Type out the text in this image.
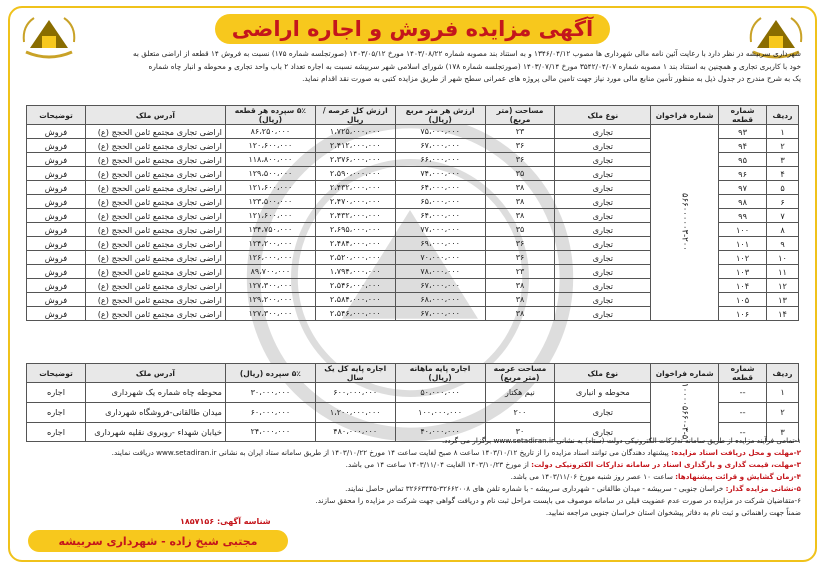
آگهی مزایده فروش و اجاره اراضی

شهرداری سربیشه در نظر دارد با رعایت آئین نامه مالی شهرداری ها مصوب ۱۳۴۶/۰۴/۱۲ و به استناد بند مصوبه شماره ۱۴۰۳/۰۸/۲۲ مورخ ۱۴۰۳/۰۵/۱۲ (صورتجلسه شماره ۱۷۵) نسبت به فروش ۱۴ قطعه از اراضی متعلق به

خود با کاربری تجاری و همچنین به استناد بند ۱ مصوبه شماره ۳۵۴۲/۰۴/۰۷ مورخ ۱۴۰۳/۰۷/۱۴ (صورتجلسه شماره ۱۷۸) شورای اسلامی شهر سربیشه نسبت به اجاره تعداد ۲ باب واحد تجاری و محوطه و انبار چاه شماره

یک به شرح مندرج در جدول ذیل به منظور تأمین منابع مالی مورد نیاز جهت تامین مالی پروژه های عمرانی سطح شهر از طریق مزایده کتبی به صورت نقد اقدام نماید.

ردیف	شماره قطعه	شماره فراخوان	نوع ملک	مساحت (متر مربع)	ارزش هر متر مربع (ریال)	ارزش کل عرصه /ریال	۵٪ سپرده هر قطعه (ریال)	آدرس ملک	توضیحات
۱	۹۳	۵۶۶۰۰۰۰۰۳-۲۰۰	تجاری	۲۳	۷۵،۰۰۰،۰۰۰	۱،۷۲۵،۰۰۰،۰۰۰	۸۶،۲۵۰،۰۰۰	اراضی تجاری مجتمع ثامن الحجج (ع)	فروش
۲	۹۴		تجاری	۳۶	۶۷،۰۰۰،۰۰۰	۲،۴۱۲،۰۰۰،۰۰۰	۱۲۰،۶۰۰،۰۰۰	اراضی تجاری مجتمع ثامن الحجج (ع)	فروش
۳	۹۵		تجاری	۳۶	۶۶،۰۰۰،۰۰۰	۲،۳۷۶،۰۰۰،۰۰۰	۱۱۸،۸۰۰،۰۰۰	اراضی تجاری مجتمع ثامن الحجج (ع)	فروش
۴	۹۶		تجاری	۳۵	۷۴،۰۰۰،۰۰۰	۲،۵۹۰،۰۰۰،۰۰۰	۱۲۹،۵۰۰،۰۰۰	اراضی تجاری مجتمع ثامن الحجج (ع)	فروش
۵	۹۷		تجاری	۳۸	۶۴،۰۰۰،۰۰۰	۲،۴۳۲،۰۰۰،۰۰۰	۱۲۱،۶۰۰،۰۰۰	اراضی تجاری مجتمع ثامن الحجج (ع)	فروش
۶	۹۸		تجاری	۳۸	۶۵،۰۰۰،۰۰۰	۲،۴۷۰،۰۰۰،۰۰۰	۱۲۳،۵۰۰،۰۰۰	اراضی تجاری مجتمع ثامن الحجج (ع)	فروش
۷	۹۹		تجاری	۳۸	۶۴،۰۰۰،۰۰۰	۲،۴۳۲،۰۰۰،۰۰۰	۱۲۱،۶۰۰،۰۰۰	اراضی تجاری مجتمع ثامن الحجج (ع)	فروش
۸	۱۰۰		تجاری	۳۵	۷۷،۰۰۰،۰۰۰	۲،۶۹۵،۰۰۰،۰۰۰	۱۳۴،۷۵۰،۰۰۰	اراضی تجاری مجتمع ثامن الحجج (ع)	فروش
۹	۱۰۱		تجاری	۳۶	۶۹،۰۰۰،۰۰۰	۲،۴۸۴،۰۰۰،۰۰۰	۱۲۴،۲۰۰،۰۰۰	اراضی تجاری مجتمع ثامن الحجج (ع)	فروش
۱۰	۱۰۲		تجاری	۳۶	۷۰،۰۰۰،۰۰۰	۲،۵۲۰،۰۰۰،۰۰۰	۱۲۶،۰۰۰،۰۰۰	اراضی تجاری مجتمع ثامن الحجج (ع)	فروش
۱۱	۱۰۳		تجاری	۲۳	۷۸،۰۰۰،۰۰۰	۱،۷۹۴،۰۰۰،۰۰۰	۸۹،۷۰۰،۰۰۰	اراضی تجاری مجتمع ثامن الحجج (ع)	فروش
۱۲	۱۰۴		تجاری	۳۸	۶۷،۰۰۰،۰۰۰	۲،۵۴۶،۰۰۰،۰۰۰	۱۲۷،۳۰۰،۰۰۰	اراضی تجاری مجتمع ثامن الحجج (ع)	فروش
۱۳	۱۰۵		تجاری	۳۸	۶۸،۰۰۰،۰۰۰	۲،۵۸۴،۰۰۰،۰۰۰	۱۲۹،۲۰۰،۰۰۰	اراضی تجاری مجتمع ثامن الحجج (ع)	فروش
۱۴	۱۰۶		تجاری	۳۸	۶۷،۰۰۰،۰۰۰	۲،۵۴۶،۰۰۰،۰۰۰	۱۲۷،۳۰۰،۰۰۰	اراضی تجاری مجتمع ثامن الحجج (ع)	فروش
ردیف	شماره قطعه	شماره فراخوان	نوع ملک	مساحت عرصه (متر مربع)	اجاره پایه ماهانه (ریال)	اجاره پایه کل یک سال	۵٪ سپرده (ریال)	آدرس ملک	توضیحات
۱	--	۱۰۰۰۰۵۶۶۰-۳-۵	محوطه و انباری	نیم هکتار	۵۰،۰۰۰،۰۰۰	۶۰۰،۰۰۰،۰۰۰	۳۰،۰۰۰،۰۰۰	محوطه چاه شماره یک شهرداری	اجاره
۲	--		تجاری	۲۰۰	۱۰۰،۰۰۰،۰۰۰	۱،۲۰۰،۰۰۰،۰۰۰	۶۰،۰۰۰،۰۰۰	میدان طالقانی-فروشگاه شهرداری	اجاره
۳	--		تجاری	۳۰	۴۰،۰۰۰،۰۰۰	۴۸۰،۰۰۰،۰۰۰	۲۴،۰۰۰،۰۰۰	خیابان شهداء -روبروی نقلیه شهرداری	اجاره

۱-تمامی فرآیند مزایده از طریق سامانه تدارکات الکترونیکی دولت (ستاد) به نشانی www.setadiran.ir برگزار می گردد.

۲-مهلت و محل دریافت اسناد مزایده: پیشنهاد دهندگان می توانند اسناد مزایده را از تاریخ ۱۴۰۳/۱۰/۱۲ ساعت ۸ صبح لغایت ساعت ۱۴ مورخ ۱۴۰۳/۱۰/۲۲ از طریق سامانه ستاد ایران به نشانی www.setadiran.ir دریافت نمایند.

۳-مهلت، قیمت گذاری و بارگذاری اسناد در سامانه تدارکات الکترونیکی دولت: از مورخ ۱۴۰۳/۱۰/۲۳ الغایت ۱۴۰۳/۱۱/۰۴ ساعت ۱۴ می باشد.

۴-زمان گشایش و قرائت پیشنهادها: ساعت ۱۰ عصر روز شنبه مورخ ۱۴۰۳/۱۱/۰۶ می باشد.

۵-نشانی مزایده گذار: خراسان جنوبی - سربیشه - میدان طالقانی - شهرداری سربیشه - با شماره تلفن های ۳۲۶۶۲۰۰۸-۳۲۶۶۳۴۴۵ تماس حاصل نمایند.

۶-متقاضیان شرکت در مزایده در صورت عدم عضویت قبلی در سامانه موصوف می بایست مراحل ثبت نام و دریافت گواهی جهت شرکت در مزایده را محقق سازند.

ضمناً جهت راهنمائی و ثبت نام به دفاتر پیشخوان استان خراسان جنوبی مراجعه نمایید.

شناسه آگهی: ۱۸۵۷۱۵۶
مجتبی شیخ زاده - شهرداری سربیشه
